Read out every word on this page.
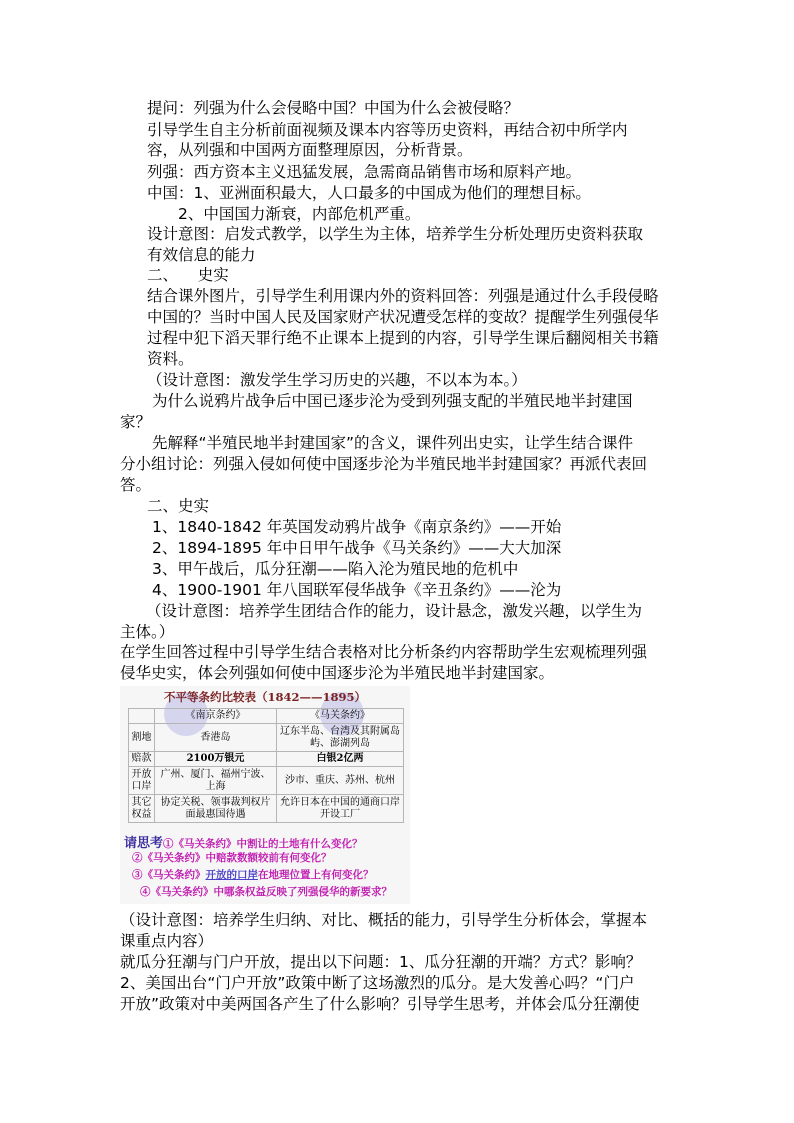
提问：列强为什么会侵略中国？中国为什么会被侵略？
引导学生自主分析前面视频及课本内容等历史资料，再结合初中所学内
容，从列强和中国两方面整理原因，分析背景。
列强：西方资本主义迅猛发展，急需商品销售市场和原料产地。
中国：1、亚洲面积最大，人口最多的中国成为他们的理想目标。
2、中国国力渐衰，内部危机严重。
设计意图：启发式教学，以学生为主体，培养学生分析处理历史资料获取
有效信息的能力
二、    史实
结合课外图片，引导学生利用课内外的资料回答：列强是通过什么手段侵略
中国的？当时中国人民及国家财产状况遭受怎样的变故？提醒学生列强侵华
过程中犯下滔天罪行绝不止课本上提到的内容，引导学生课后翻阅相关书籍
资料。
（设计意图：激发学生学习历史的兴趣，不以本为本。）
为什么说鸦片战争后中国已逐步沦为受到列强支配的半殖民地半封建国
家？
先解释“半殖民地半封建国家”的含义，课件列出史实，让学生结合课件
分小组讨论：列强入侵如何使中国逐步沦为半殖民地半封建国家？再派代表回
答。
二、史实
1、1840-1842 年英国发动鸦片战争《南京条约》——开始
2、1894-1895 年中日甲午战争《马关条约》——大大加深
3、甲午战后，瓜分狂潮——陷入沦为殖民地的危机中
4、1900-1901 年八国联军侵华战争《辛丑条约》——沦为
（设计意图：培养学生团结合作的能力，设计悬念，激发兴趣，以学生为
主体。）
在学生回答过程中引导学生结合表格对比分析条约内容帮助学生宏观梳理列强
侵华史实，体会列强如何使中国逐步沦为半殖民地半封建国家。
不平等条约比较表（1842——1895）
	《南京条约》	《马关条约》
割地	香港岛	辽东半岛、台湾及其附属岛屿、澎湖列岛
赔款	2100万银元	白银2亿两
开放口岸	广州、厦门、福州宁波、上海	沙市、重庆、苏州、杭州
其它权益	协定关税、领事裁判权片面最惠国待遇	允许日本在中国的通商口岸开设工厂
请思考①《马关条约》中割让的土地有什么变化？
②《马关条约》中赔款数额较前有何变化？
③《马关条约》开放的口岸在地理位置上有何变化？
④《马关条约》中哪条权益反映了列强侵华的新要求？
（设计意图：培养学生归纳、对比、概括的能力，引导学生分析体会，掌握本
课重点内容）
就瓜分狂潮与门户开放，提出以下问题：1、瓜分狂潮的开端？方式？影响？
2、美国出台“门户开放”政策中断了这场激烈的瓜分。是大发善心吗？“门户
开放”政策对中美两国各产生了什么影响？引导学生思考，并体会瓜分狂潮使
